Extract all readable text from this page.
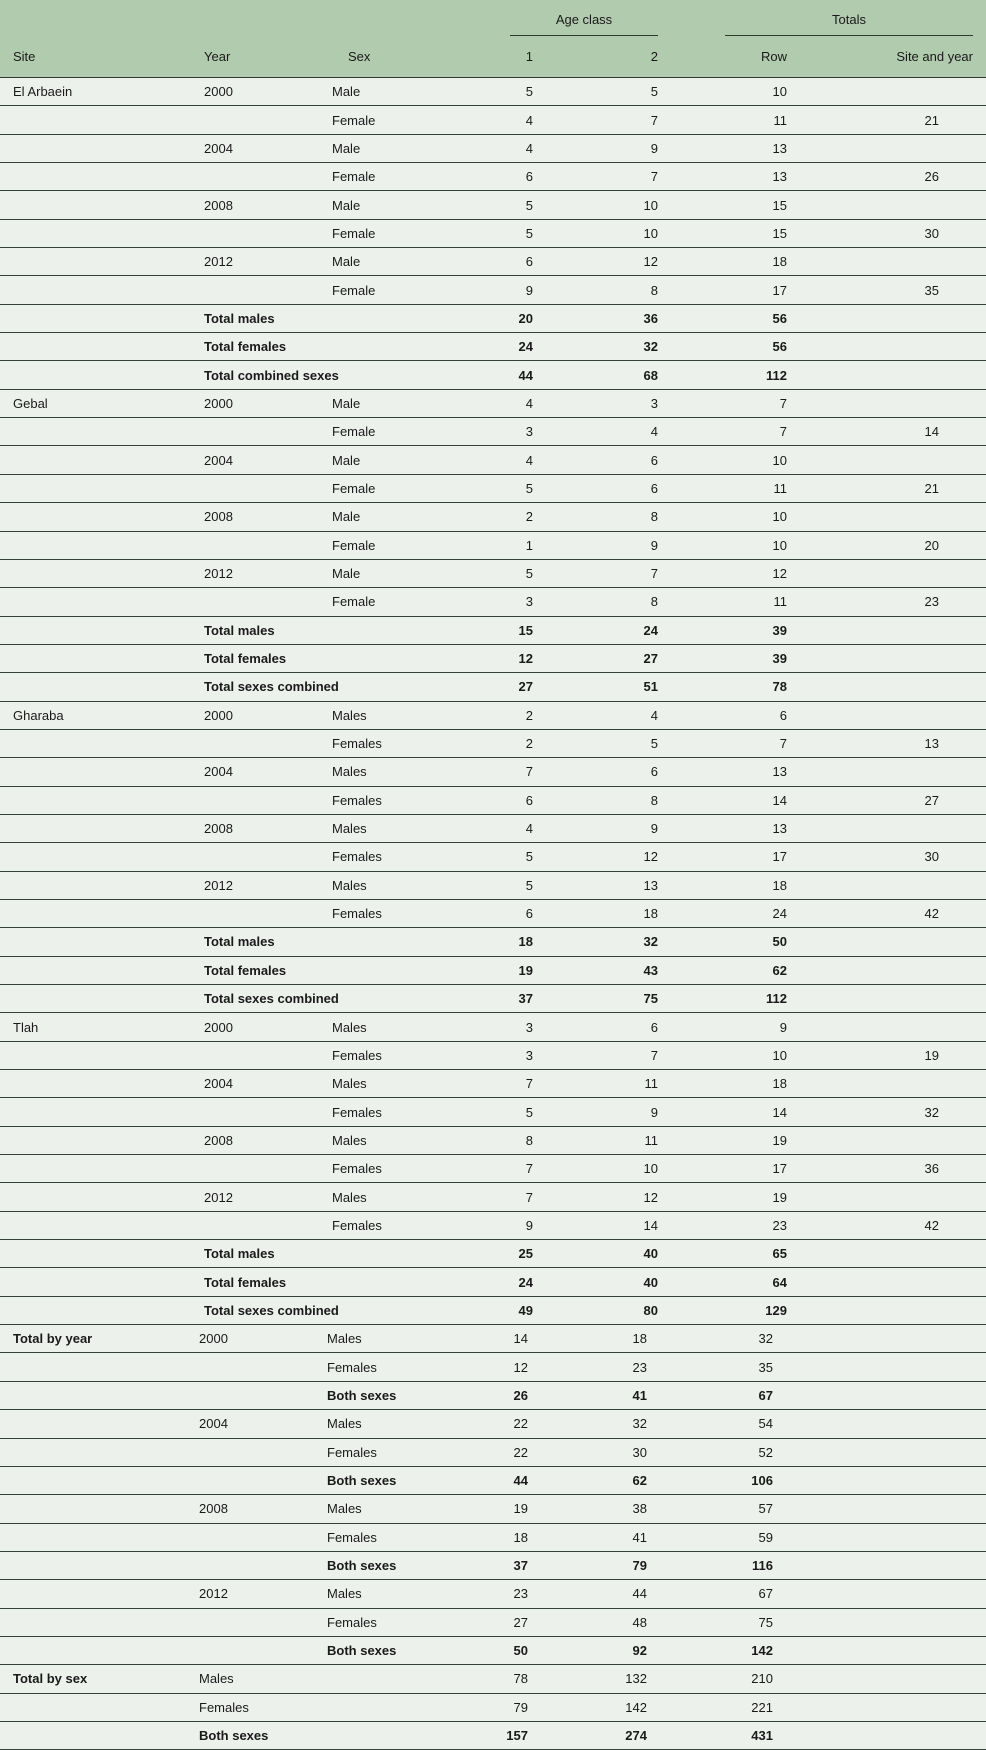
			Age class		Totals	

Site	Year	Sex	1	2	Row	Site and year
El Arbaein	2000	Male	5	5	10	
		Female	4	7	11	21
	2004	Male	4	9	13	
		Female	6	7	13	26
	2008	Male	5	10	15	
		Female	5	10	15	30
	2012	Male	6	12	18	
		Female	9	8	17	35
	Total males		20	36	56	
	Total females		24	32	56	
	Total combined sexes		44	68	112	
Gebal	2000	Male	4	3	7	
		Female	3	4	7	14
	2004	Male	4	6	10	
		Female	5	6	11	21
	2008	Male	2	8	10	
		Female	1	9	10	20
	2012	Male	5	7	12	
		Female	3	8	11	23
	Total males		15	24	39	
	Total females		12	27	39	
	Total sexes combined		27	51	78	
Gharaba	2000	Males	2	4	6	
		Females	2	5	7	13
	2004	Males	7	6	13	
		Females	6	8	14	27
	2008	Males	4	9	13	
		Females	5	12	17	30
	2012	Males	5	13	18	
		Females	6	18	24	42
	Total males		18	32	50	
	Total females		19	43	62	
	Total sexes combined		37	75	112	
Tlah	2000	Males	3	6	9	
		Females	3	7	10	19
	2004	Males	7	11	18	
		Females	5	9	14	32
	2008	Males	8	11	19	
		Females	7	10	17	36
	2012	Males	7	12	19	
		Females	9	14	23	42
	Total males		25	40	65	
	Total females		24	40	64	
	Total sexes combined		49	80	129	
Total by year	2000	Males	14	18	32	
		Females	12	23	35	
		Both sexes	26	41	67	
	2004	Males	22	32	54	
		Females	22	30	52	
		Both sexes	44	62	106	
	2008	Males	19	38	57	
		Females	18	41	59	
		Both sexes	37	79	116	
	2012	Males	23	44	67	
		Females	27	48	75	
		Both sexes	50	92	142	
Total by sex	Males		78	132	210	
	Females		79	142	221	
	Both sexes		157	274	431	
